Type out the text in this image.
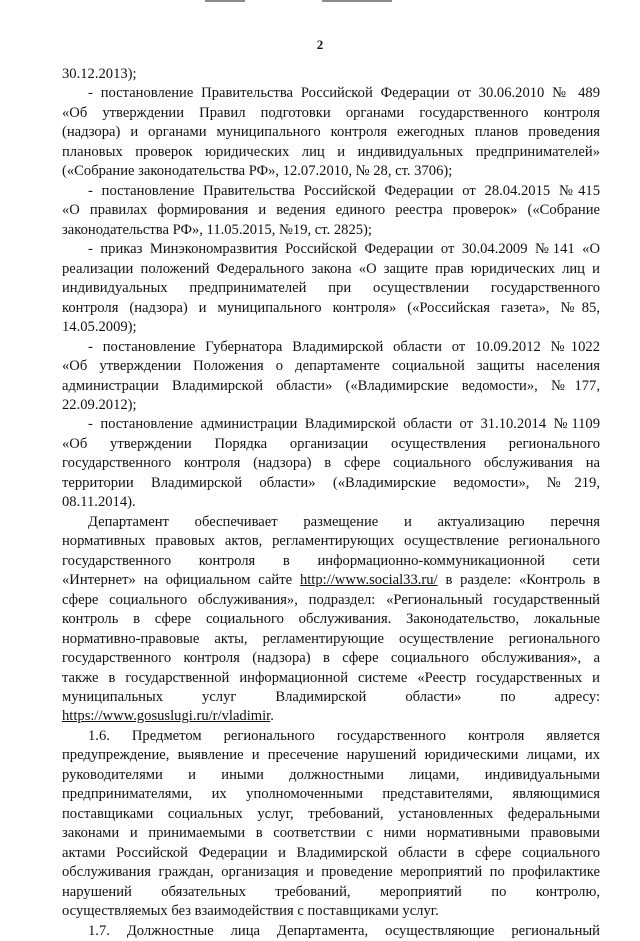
2
30.12.2013);
- постановление Правительства Российской Федерации от 30.06.2010 № 489
«Об утверждении Правил подготовки органами государственного контроля
(надзора) и органами муниципального контроля ежегодных планов проведения
плановых проверок юридических лиц и индивидуальных предпринимателей»
(«Собрание законодательства РФ», 12.07.2010, № 28, ст. 3706);
- постановление Правительства Российской Федерации от 28.04.2015 №415
«О правилах формирования и ведения единого реестра проверок» («Собрание
законодательства РФ», 11.05.2015, №19, ст. 2825);
- приказ Минэкономразвития Российской Федерации от 30.04.2009 №141 «О
реализации положений Федерального закона «О защите прав юридических лиц и
индивидуальных предпринимателей при осуществлении государственного
контроля (надзора) и муниципального контроля» («Российская газета», №85,
14.05.2009);
- постановление Губернатора Владимирской области от 10.09.2012 №1022
«Об утверждении Положения о департаменте социальной защиты населения
администрации Владимирской области» («Владимирские ведомости», №177,
22.09.2012);
- постановление администрации Владимирской области от 31.10.2014 №1109
«Об утверждении Порядка организации осуществления регионального
государственного контроля (надзора) в сфере социального обслуживания на
территории Владимирской области» («Владимирские ведомости», №219,
08.11.2014).
Департамент обеспечивает размещение и актуализацию перечня
нормативных правовых актов, регламентирующих осуществление регионального
государственного контроля в информационно-коммуникационной сети
«Интернет» на официальном сайте http://www.social33.ru/ в разделе: «Контроль в
сфере социального обслуживания», подраздел: «Региональный государственный
контроль в сфере социального обслуживания. Законодательство, локальные
нормативно-правовые акты, регламентирующие осуществление регионального
государственного контроля (надзора) в сфере социального обслуживания», а
также в государственной информационной системе «Реестр государственных и
муниципальных услуг Владимирской области» по адресу:
https://www.gosuslugi.ru/r/vladimir.
1.6. Предметом регионального государственного контроля является
предупреждение, выявление и пресечение нарушений юридическими лицами, их
руководителями и иными должностными лицами, индивидуальными
предпринимателями, их уполномоченными представителями, являющимися
поставщиками социальных услуг, требований, установленных федеральными
законами и принимаемыми в соответствии с ними нормативными правовыми
актами Российской Федерации и Владимирской области в сфере социального
обслуживания граждан, организация и проведение мероприятий по профилактике
нарушений обязательных требований, мероприятий по контролю,
осуществляемых без взаимодействия с поставщиками услуг.
1.7. Должностные лица Департамента, осуществляющие региональный
